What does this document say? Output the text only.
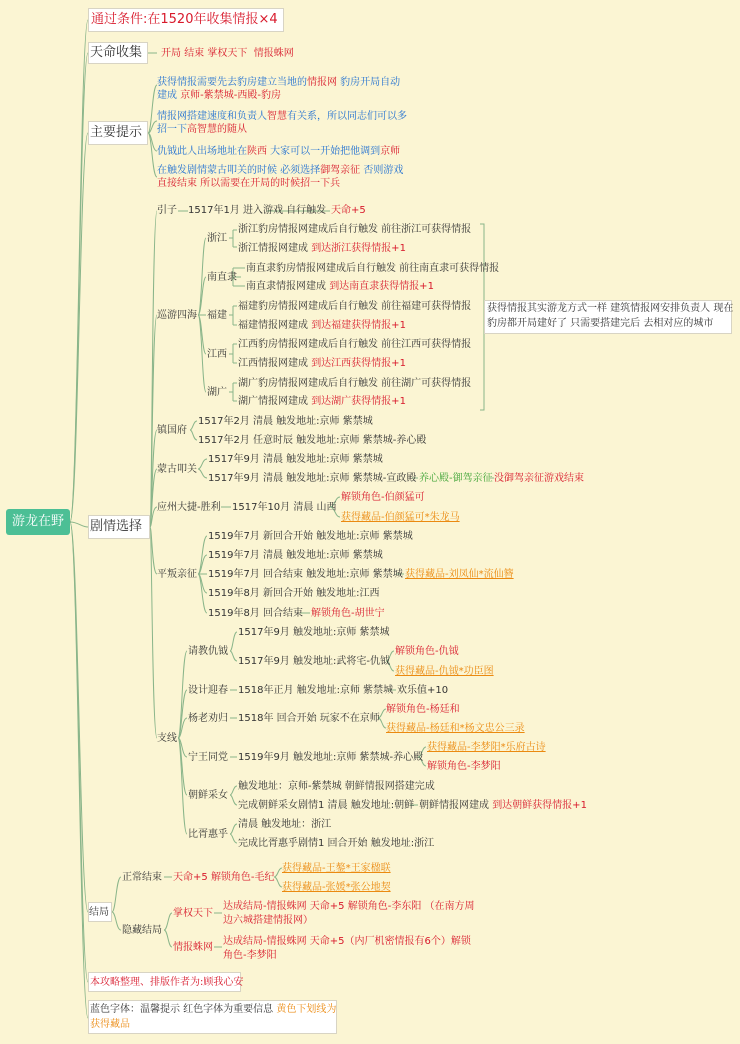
游龙在野
通过条件:在1520年收集情报×4
天命收集 开局 结束 掌权天下 情报蛛网
主要提示
获得情报需要先去豹房建立当地的情报网 豹房开局自动
建成 京师-紫禁城-西殿-豹房
情报网搭建速度和负责人智慧有关系，所以同志们可以多
招一下高智慧的随从
仇钺此人出场地址在陕西 大家可以一开始把他调到京师
在触发剧情蒙古叩关的时候 必须选择御驾亲征 否则游戏
直接结束 所以需要在开局的时候招一下兵
剧情选择
引子 1517年1月 进入游戏 自行触发 天命+5
巡游四海
浙江
浙江豹房情报网建成后自行触发 前往浙江可获得情报
浙江情报网建成 到达浙江获得情报+1
南直隶
南直隶豹房情报网建成后自行触发 前往南直隶可获得情报
南直隶情报网建成 到达南直隶获得情报+1
福建
福建豹房情报网建成后自行触发 前往福建可获得情报
福建情报网建成 到达福建获得情报+1
江西
江西豹房情报网建成后自行触发 前往江西可获得情报
江西情报网建成 到达江西获得情报+1
湖广
湖广豹房情报网建成后自行触发 前往湖广可获得情报
湖广情报网建成 到达湖广获得情报+1
获得情报其实游龙方式一样 建筑情报网安排负责人 现在
豹房都开局建好了 只需要搭建完后 去相对应的城市
镇国府
1517年2月 清晨 触发地址:京师 紫禁城
1517年2月 任意时辰 触发地址:京师 紫禁城-养心殿
蒙古叩关
1517年9月 清晨 触发地址:京师 紫禁城
1517年9月 清晨 触发地址:京师 紫禁城-宣政殿 养心殿-御驾亲征 没御驾亲征游戏结束
应州大捷-胜利 1517年10月 清晨 山西
解锁角色-伯颜猛可
获得藏品-伯颜猛可*朱龙马
平叛亲征
1519年7月 新回合开始 触发地址:京师 紫禁城
1519年7月 清晨 触发地址:京师 紫禁城
1519年7月 回合结束 触发地址:京师 紫禁城 获得藏品-刘凤仙*流仙簪
1519年8月 新回合开始 触发地址:江西
1519年8月 回合结束 解锁角色-胡世宁
支线
请教仇钺
1517年9月 触发地址:京师 紫禁城
1517年9月 触发地址:武将宅-仇钺
解锁角色-仇钺
获得藏品-仇钺*功臣图
设计迎春 1518年正月 触发地址:京师 紫禁城 欢乐值+10
杨老劝归 1518年 回合开始 玩家不在京师
解锁角色-杨廷和
获得藏品-杨廷和*杨文忠公三录
宁王同党 1519年9月 触发地址:京师 紫禁城-养心殿
获得藏品-李梦阳*乐府古诗
解锁角色-李梦阳
朝鲜采女
触发地址：京师-紫禁城 朝鲜情报网搭建完成
完成朝鲜采女剧情1 清晨 触发地址:朝鲜 朝鲜情报网建成 到达朝鲜获得情报+1
比胥惠乎
清晨 触发地址：浙江
完成比胥惠乎剧情1 回合开始 触发地址:浙江
结局
正常结束 天命+5 解锁角色-毛纪
获得藏品-王鏊*王家楹联
获得藏品-张媛*张公地契
隐藏结局
掌权天下
达成结局-情报蛛网 天命+5 解锁角色-李东阳 （在南方周
边六城搭建情报网）
情报蛛网
达成结局-情报蛛网 天命+5（内厂机密情报有6个）解锁
角色-李梦阳
本攻略整理、排版作者为:顾我心安
蓝色字体：温馨提示 红色字体为重要信息 黄色下划线为
获得藏品
